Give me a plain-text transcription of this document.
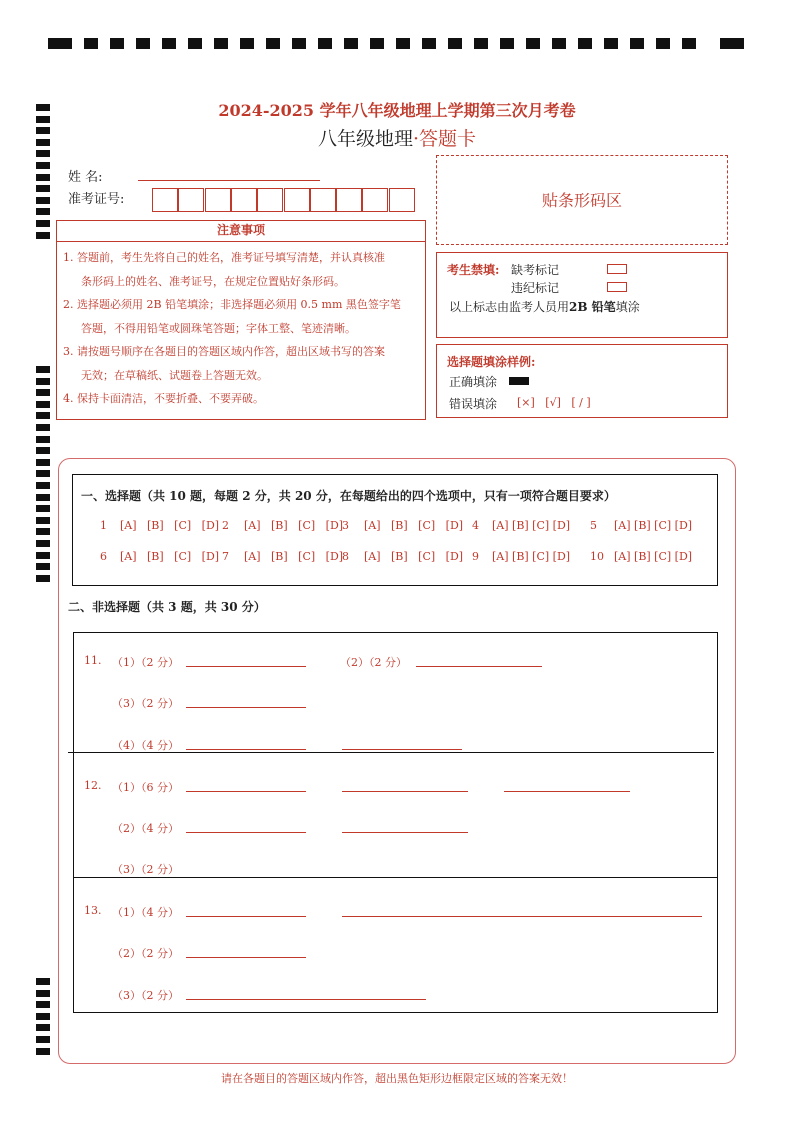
2024-2025 学年八年级地理上学期第三次月考卷
八年级地理·答题卡
姓 名:
准考证号:	贴条形码区
注意事项

1. 答题前，考生先将自己的姓名，准考证号填写清楚，并认真核准

条形码上的姓名、准考证号，在规定位置贴好条形码。

2. 选择题必须用 2B 铅笔填涂；非选择题必须用 0.5 mm 黑色签字笔

答题，不得用铅笔或圆珠笔答题；字体工整、笔迹清晰。

3. 请按题号顺序在各题目的答题区域内作答，超出区域书写的答案

无效；在草稿纸、试题卷上答题无效。

4. 保持卡面清洁，不要折叠、不要弄破。

考生禁填: 缺考标记
违纪标记
以上标志由监考人员用2B 铅笔填涂
选择题填涂样例:
正确填涂
错误填涂 [×]   [√]   [ / ]
一、选择题（共 10 题，每题 2 分，共 20 分，在每题给出的四个选项中，只有一项符合题目要求）
1 [A]   [B]   [C]   [D] 2 [A]   [B]   [C]   [D]
3 [A]   [B]   [C]   [D] 4 [A] [B] [C] [D] 5 [A] [B] [C] [D]
6 [A]   [B]   [C]   [D] 7 [A]   [B]   [C]   [D]
8 [A]   [B]   [C]   [D] 9 [A] [B] [C] [D] 10 [A] [B] [C] [D]
二、非选择题（共 3 题，共 30 分）
11. （1）（2 分）	（2）（2 分）
（3）（2 分）
（4）（4 分）
12. （1）（6 分）
（2）（4 分）
（3）（2 分）
13. （1）（4 分）
（2）（2 分）
（3）（2 分）
请在各题目的答题区域内作答，超出黑色矩形边框限定区域的答案无效！
